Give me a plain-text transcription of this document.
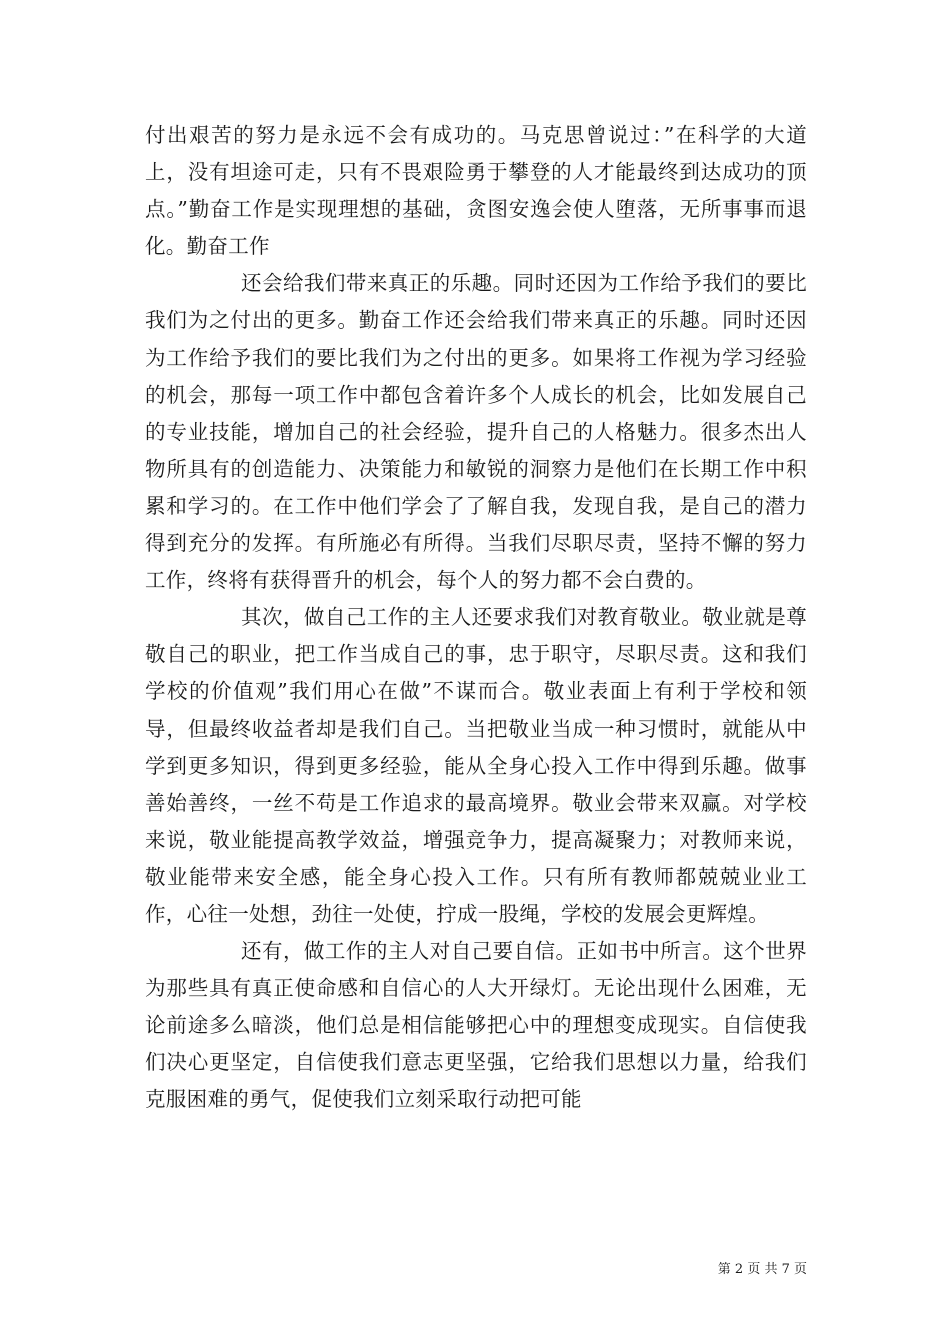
付出艰苦的努力是永远不会有成功的。马克思曾说过：”在科学的大道上，没有坦途可走，只有不畏艰险勇于攀登的人才能最终到达成功的顶点。”勤奋工作是实现理想的基础，贪图安逸会使人堕落，无所事事而退化。勤奋工作

还会给我们带来真正的乐趣。同时还因为工作给予我们的要比我们为之付出的更多。勤奋工作还会给我们带来真正的乐趣。同时还因为工作给予我们的要比我们为之付出的更多。如果将工作视为学习经验的机会，那每一项工作中都包含着许多个人成长的机会，比如发展自己的专业技能，增加自己的社会经验，提升自己的人格魅力。很多杰出人物所具有的创造能力、决策能力和敏锐的洞察力是他们在长期工作中积累和学习的。在工作中他们学会了了解自我，发现自我，是自己的潜力得到充分的发挥。有所施必有所得。当我们尽职尽责，坚持不懈的努力工作，终将有获得晋升的机会，每个人的努力都不会白费的。

其次，做自己工作的主人还要求我们对教育敬业。敬业就是尊敬自己的职业，把工作当成自己的事，忠于职守，尽职尽责。这和我们学校的价值观”我们用心在做”不谋而合。敬业表面上有利于学校和领导，但最终收益者却是我们自己。当把敬业当成一种习惯时，就能从中学到更多知识，得到更多经验，能从全身心投入工作中得到乐趣。做事善始善终，一丝不苟是工作追求的最高境界。敬业会带来双赢。对学校来说，敬业能提高教学效益，增强竞争力，提高凝聚力；对教师来说，敬业能带来安全感，能全身心投入工作。只有所有教师都兢兢业业工作，心往一处想，劲往一处使，拧成一股绳，学校的发展会更辉煌。

还有，做工作的主人对自己要自信。正如书中所言。这个世界为那些具有真正使命感和自信心的人大开绿灯。无论出现什么困难，无论前途多么暗淡，他们总是相信能够把心中的理想变成现实。自信使我们决心更坚定，自信使我们意志更坚强，它给我们思想以力量，给我们克服困难的勇气，促使我们立刻采取行动把可能

第 2 页 共 7 页
